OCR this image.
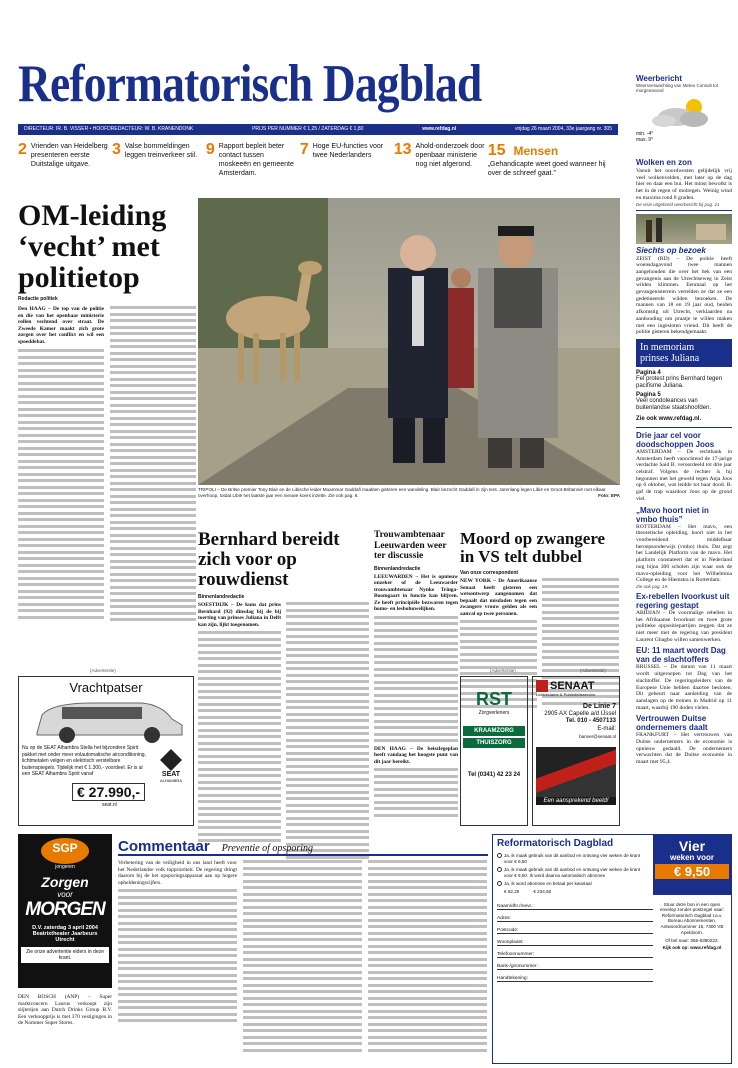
Reformatorisch Dagblad	Weerbericht
Weersverwachting van Meteo Consult tot morgenavond
min. -4°
max. 9°
DIRECTEUR: IR. B. VISSER • HOOFDREDACTEUR: W. B. KRANENDONK	PRIJS PER NUMMER € 1,25 / ZATERDAG € 1,80	www.refdag.nl	vrijdag 26 maart 2004, 33e jaargang nr. 305
2 Vrienden van Heidelberg presenteren eerste Duitstalige uitgave.
3 Valse bommeldingen leggen treinverkeer stil. 9 Rapport bepleit beter contact tussen moskeeën en gemeente Amsterdam.
7 Hoge EU-functies voor twee Nederlanders	13 Ahold-onderzoek door openbaar ministerie nog niet afgerond.
15 Mensen
„Gehandicapte weet goed wanneer hij over de schreef gaat.”
Wolken en zon

Vanuit het noordwesten gelijdelijk vrij veel wolkenvelden, met later op de dag hier en daar een bui. Het minst bewolkt is het in de regen of motregen. Weinig wind en maxima rond 8 graden.

De visie uitgebreid weerbericht bij pag. 21
Siechts op bezoek

ZEIST (RD) – De politie heeft woensdagavond twee mannen aangehouden die over het hek van een gevangenis aan de Utrechtseweg in Zeist wilden klimmen. Eenmaal op het gevangenisterrein vertelden ze dat ze een gedetineerde wilden bezoeken. De mannen van 18 en 19 jaar oud, beiden afkomstig uit Utrecht, verklaarden na aanhouding om praatje te willen maken met een ingesloten vriend. Dit heeft de politie gisteren bekendgemaakt.

In memoriam
prinses Juliana
Pagina 4
Fel protest prins Bernhard tegen pacifisme Juliana.
Pagina 5
Veel condoleances van buitenlandse staatshoofden.
Zie ook www.refdag.nl.
Drie jaar cel voor doodschoppen Joos

AMSTERDAM – De rechtbank in Amsterdam heeft vanochtend de 17-jarige verdachte Said B. veroordeeld tot drie jaar celstraf. Volgens de rechter is hij begonnen met het geweld tegen Anja Joos op 6 oktober, wat leidde tot haar dood. B. gaf de trap waardoor Joos op de grond viel.

„Mavo hoort niet in vmbo thuis”

ROTTERDAM – Het mavo, een theoretische opleiding, hoort niet in het voorbereidend middelbaar beroepsonderwijs (vmbo) thuis. Dat zegt het Landelijk Platform van de mavo. Het platform constateert dat er in Nederland nog bijna 300 scholen zijn waar ook de mavo-opleiding voor het Wilhelmina College en de Hiemstra in Rotterdam.

Zie ook pag. 19.
Ex-rebellen Ivoorkust uit regering gestapt

ABIDJAN – De voormalige rebellen in het Afrikaanse Ivoorkust en twee grote politieke oppositiepartijen zeggen dat ze niet meer met de regering van president Laurent Gbagbo willen samenwerken.

EU: 11 maart wordt Dag van de slachtoffers

BRUSSEL – De datum van 11 maart wordt uitgeroepen tot Dag van het slachtoffer. De regeringsleiders van de Europese Unie hebben daartoe besloten. Dit gebeurt naar aanleiding van de aanslagen op de treinen in Madrid op 11 maart, waarbij 190 doden vielen.

Vertrouwen Duitse ondernemers daalt

FRANKFURT – Het vertrouwen van Duitse ondernemers in de economie is opnieuw gedaald. De ondernemers verwachten dat de Duitse economie in maart met 95,4.

OM-leiding
‘vecht’ met
politietop
Redactie politiek

Den HAAG – De top van de politie en die van het openbaar ministerie rollen vechtend over straat. De Zweede Kamer maakt zich grote zorgen over het conflict en wil een spoeddebat.

TRIPOLI – De Britse premier Tony Blair en de Libische leider Muammar Gaddafi maakten gisteren een wandeling. Blair bezocht Gaddafi in zijn tent. Jarenlang legen Libië en Groot-Brittannië met elkaar overhoop, totdat Libië het laatste jaar een nieuwe koers inzette. Zie ook pag. 6.	Foto: EPA
Bernhard bereidt zich voor op rouwdienst
Binnenlandredactie

SOESTDIJK – De kuns dat prins Bernhard (92) dinsdag bij de bij toerting van prinses Juliana in Delft kan zijn, lijkt toegenomen.

Trouwambtenaar
Leeuwarden weer
ter discussie
Binnenlandredactie

LEEUWARDEN – Het is opnieuw onzeker of de Leeuwarder trouwambtenaar Nynke Tringa-Boomgaart in functie kan blijven. Ze heeft principiële bezwaren tegen homo- en lesbohuwelijken.

DEN HAAG – De beiszlegeplan heeft vandaag het hoogste punt van dit jaar bereikt.

Moord op zwangere
in VS telt dubbel
Van onze correspondent

NEW YORK – De Amerikaanse Senaat heeft gisteren een wetsontwerp aangenomen dat bepaalt dat misdaden tegen een zwangere vrouw gelden als een aanval op twee personen.

(Advertentie)
Vrachtpatser

Nu op de SEAT Alhambra Stella het bijzondere Spirit pakket met onder meer volautomatische airconditioning, lichtmetalen velgen en elektrisch verstelbare buitenspiegels. Tijdelijk met € 1.300,- voordeel. Er is al een SEAT Alhambra Spirit vanaf	SEAT
ALHAMBRA
€ 27.990,-
seat.nl
(Advertentie)
RST
Zorgverleners
KRAAMZORG
THUISZORG
Tel (0341) 42 23 24
(Advertentie)
SENAAT
Lichtreclame & Publiciteitsservice
De Linie 7
2905 AX Capelle a/d IJssel
Tel. 010 - 4507133
E-mail:
banner@senaat.nl
Een aansprekend beeld!
SGP
jongeren
Zorgen
voor
MORGEN
D.V. zaterdag 3 april 2004
Beatrixtheater Jaarbeurs
Utrecht
Zie onze advertentie elders in deze krant.

DEN BOSCH (ANP) – Super marktconcern Laurus verkoopt zijn slijterijen aan Dutch Drinks Group B.V. Een verkoopprijs is met 370 vestigingen in de Nommer Super Stores.

Commentaar Preventie of opsporing

Verbetering van de veiligheid in ons land heeft voor het Nederlandse volk topprioriteit. De regering dringt daarom bij de het opsporingsapparaat aan op hogere opheldeningscijfers.

Reformatorisch Dagblad
Ja, ik maak gebruik van dit aanbod en ontvang vier weken de krant voor € 9,50
Ja, ik maak gebruik van dit aanbod en ontvang vier weken de krant voor € 9,50. Ik word daarna automatisch abonnee
Ja, ik word abonnee en betaal per kwartaal
€ 62,25	€ 234,50
Vier
weken voor
€ 9,50
Naam/dhr./mevr.:
Adres:
Postcode:
Woonplaats:
Telefoonnummer:
Bank-/gironummer:
Handtekening:

Stuur deze bon in een open envelop zonder postzegel naar: Reformatorisch Dagblad t.a.v. Bureau Abonnementen, Antwoordnummer 15, 7300 VB Apeldoorn.

Of bel naar: 055-5390222.

Kijk ook op: www.refdag.nl
